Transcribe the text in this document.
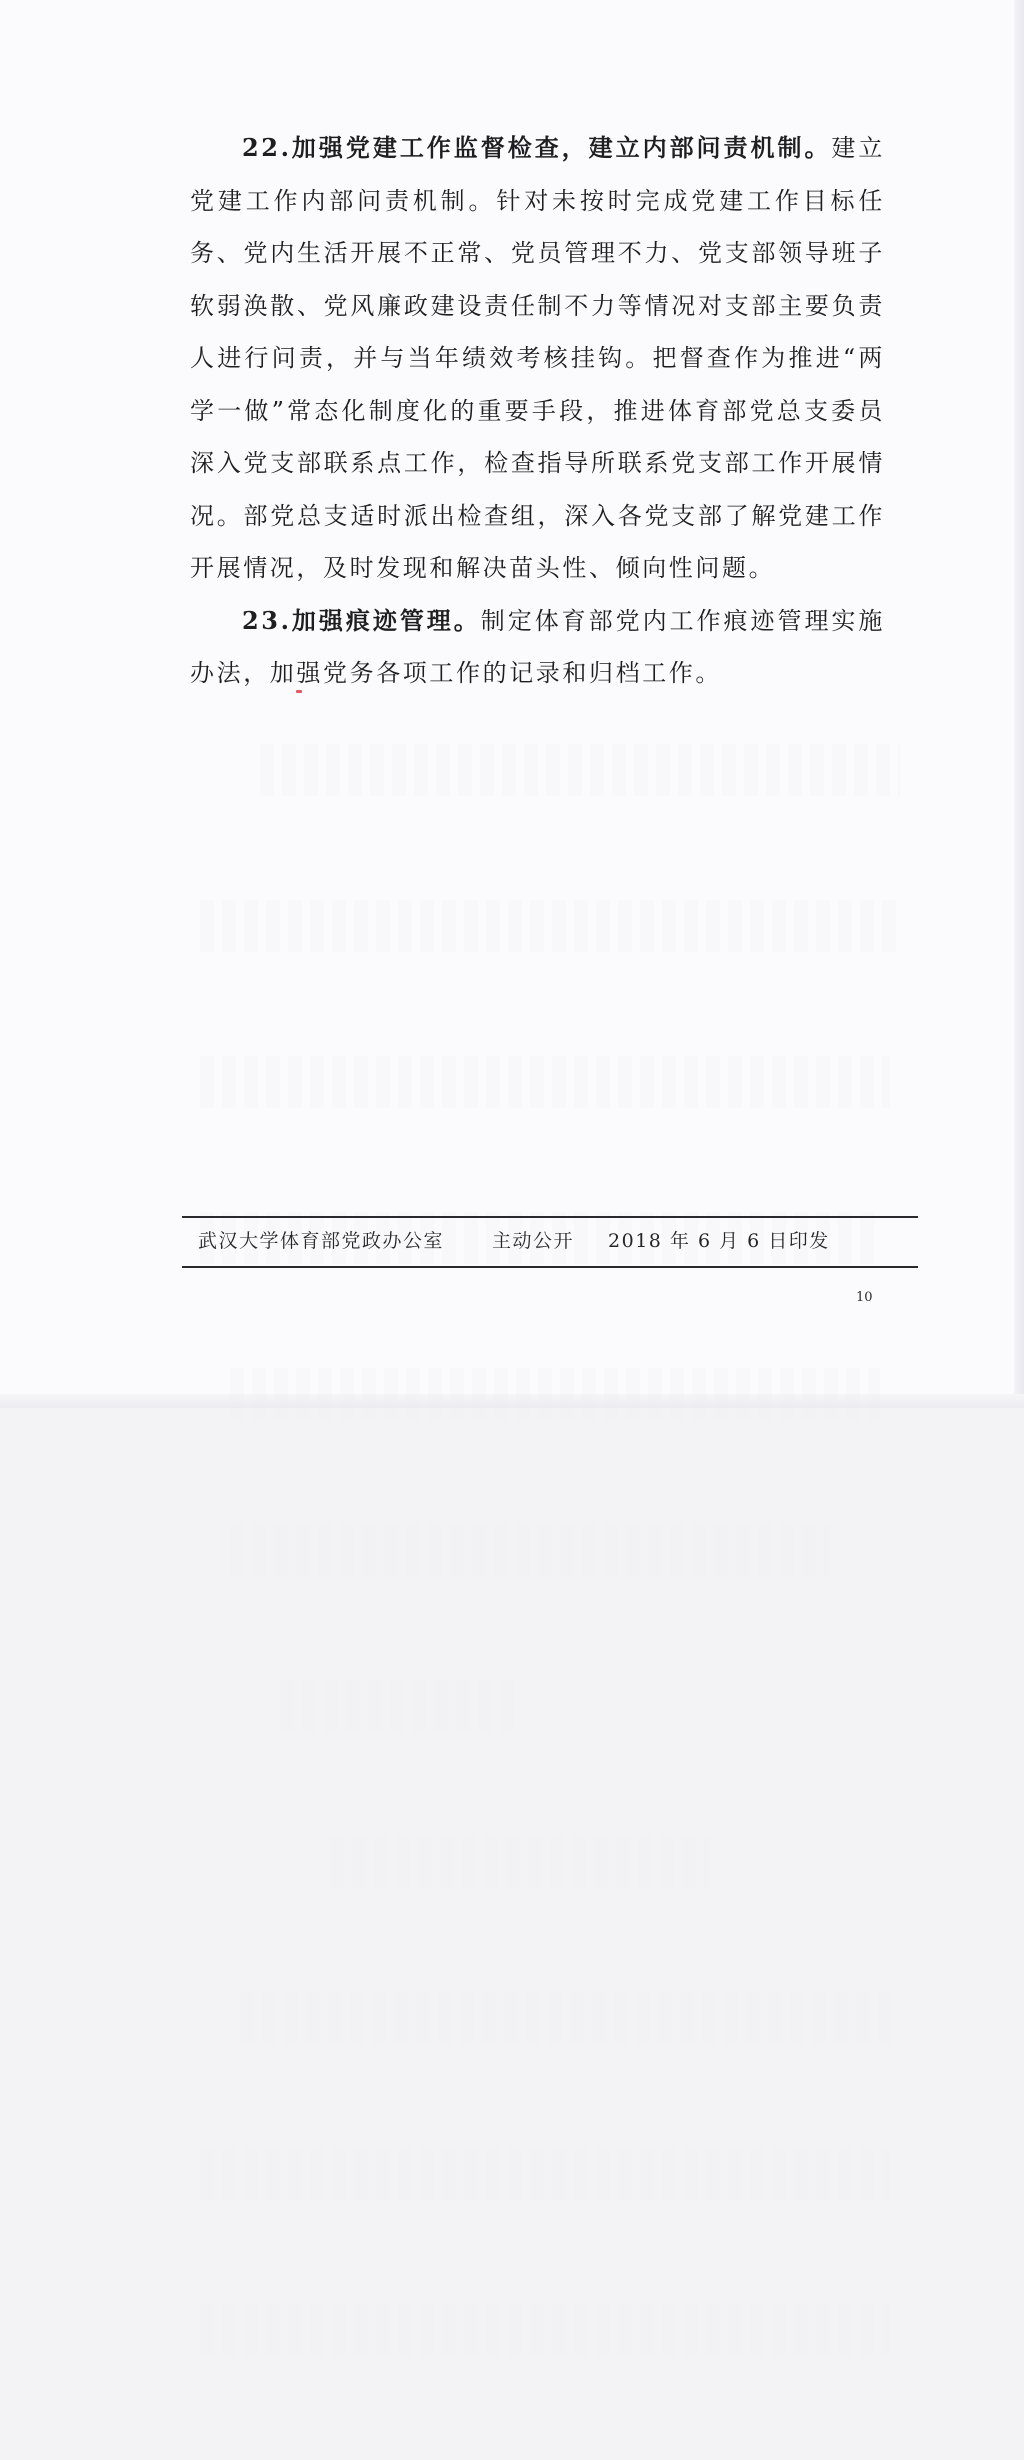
22.加强党建工作监督检查，建立内部问责机制。建立党建工作内部问责机制。针对未按时完成党建工作目标任务、党内生活开展不正常、党员管理不力、党支部领导班子软弱涣散、党风廉政建设责任制不力等情况对支部主要负责人进行问责，并与当年绩效考核挂钩。把督查作为推进“两学一做”常态化制度化的重要手段，推进体育部党总支委员深入党支部联系点工作，检查指导所联系党支部工作开展情况。部党总支适时派出检查组，深入各党支部了解党建工作开展情况，及时发现和解决苗头性、倾向性问题。

23.加强痕迹管理。制定体育部党内工作痕迹管理实施办法，加强党务各项工作的记录和归档工作。

武汉大学体育部党政办公室	主动公开 2018 年 6 月 6 日印发
10
